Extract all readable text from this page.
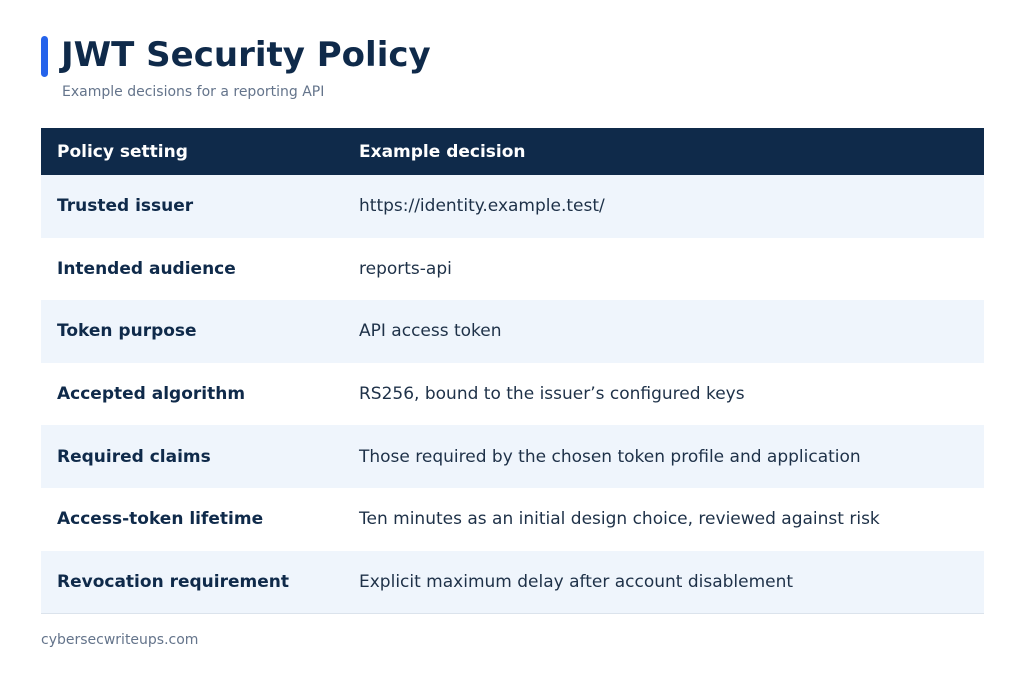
JWT Security Policy
Example decisions for a reporting API
Policy setting	Example decision
Trusted issuer	https://identity.example.test/
Intended audience	reports-api
Token purpose	API access token
Accepted algorithm	RS256, bound to the issuer’s configured keys
Required claims	Those required by the chosen token profile and application
Access-token lifetime	Ten minutes as an initial design choice, reviewed against risk
Revocation requirement	Explicit maximum delay after account disablement
cybersecwriteups.com
